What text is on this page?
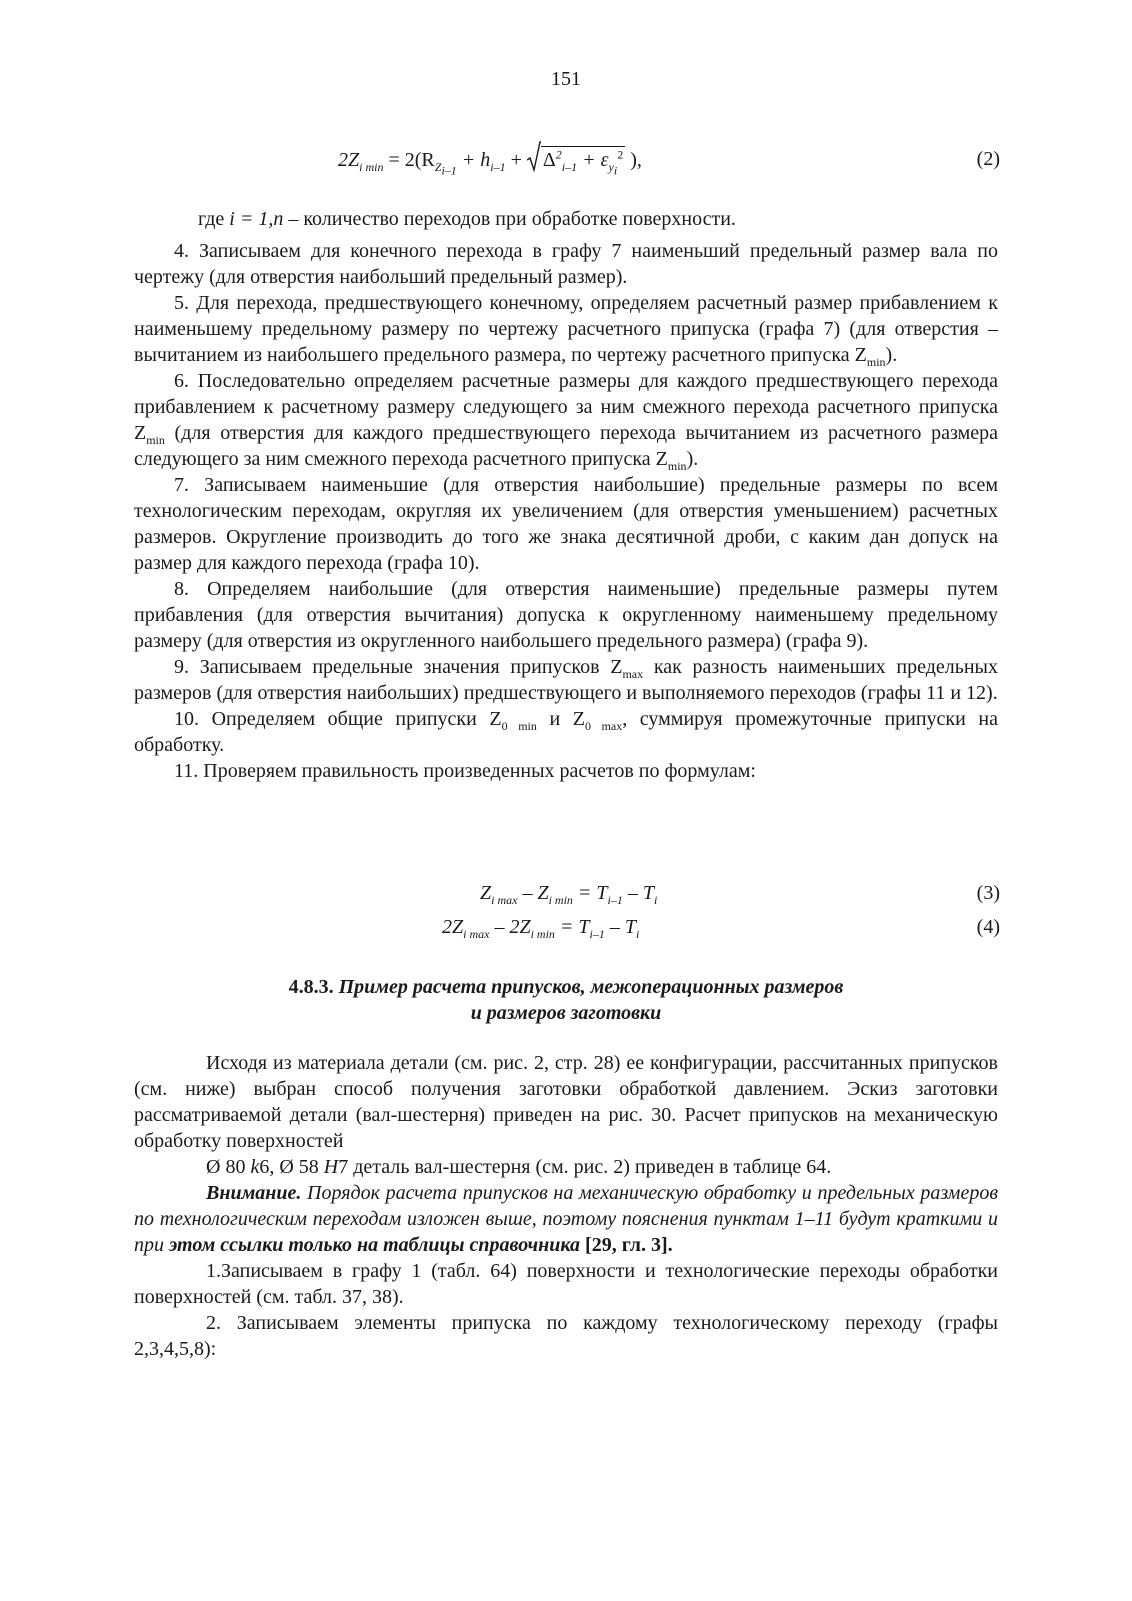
151
$2Z_{i min} = 2(R_{Z_{i-1}} + h_{i-1} + \Delta^2_{i-1} + \varepsilon_{y_i}^2$ ),	(2)
где i = 1,n – количество переходов при обработке поверхности.

4. Записываем для конечного перехода в графу 7 наименьший предельный размер вала по чертежу (для отверстия наибольший предельный размер).

5. Для перехода, предшествующего конечному, определяем расчетный размер прибавлением к наименьшему предельному размеру по чертежу расчетного припуска (графа 7) (для отверстия – вычитанием из наибольшего предельного размера, по чертежу расчетного припуска $Z_{min}$).

6. Последовательно определяем расчетные размеры для каждого предшествующего перехода прибавлением к расчетному размеру следующего за ним смежного перехода расчетного припуска $Z_{min}$ (для отверстия для каждого предшествующего перехода вычитанием из расчетного размера следующего за ним смежного перехода расчетного припуска $Z_{min}$).

7. Записываем наименьшие (для отверстия наибольшие) предельные размеры по всем технологическим переходам, округляя их увеличением (для отверстия уменьшением) расчетных размеров. Округление производить до того же знака десятичной дроби, с каким дан допуск на размер для каждого перехода (графа 10).

8. Определяем наибольшие (для отверстия наименьшие) предельные размеры путем прибавления (для отверстия вычитания) допуска к округленному наименьшему предельному размеру (для отверстия из округленного наибольшего предельного размера) (графа 9).

9. Записываем предельные значения припусков $Z_{max}$ как разность наименьших предельных размеров (для отверстия наибольших) предшествующего и выполняемого переходов (графы 11 и 12).

10. Определяем общие припуски $Z_{0 min}$ и $Z_{0 max}$, суммируя промежуточные припуски на обработку.

11. Проверяем правильность произведенных расчетов по формулам:

$Z_{i max} - Z_{i min} = T_{i-1} - T_i$	(3)
$2Z_{i max} - 2Z_{i min} = T_{i-1} - T_i$	(4)
4.8.3. Пример расчета припусков, межоперационных размеров
и размеров заготовки

Исходя из материала детали (см. рис. 2, стр. 28) ее конфигурации, рассчитанных припусков (см. ниже) выбран способ получения заготовки обработкой давлением. Эскиз заготовки рассматриваемой детали (вал-шестерня) приведен на рис. 30. Расчет припусков на механическую обработку поверхностей

Ø 80 k6, Ø 58 H7 деталь вал-шестерня (см. рис. 2) приведен в таблице 64.

Внимание. Порядок расчета припусков на механическую обработку и предельных размеров по технологическим переходам изложен выше, поэтому пояснения пунктам 1–11 будут краткими и при этом ссылки только на таблицы справочника [29, гл. 3].

1.Записываем в графу 1 (табл. 64) поверхности и технологические переходы обработки поверхностей (см. табл. 37, 38).

2. Записываем элементы припуска по каждому технологическому переходу (графы 2,3,4,5,8):
